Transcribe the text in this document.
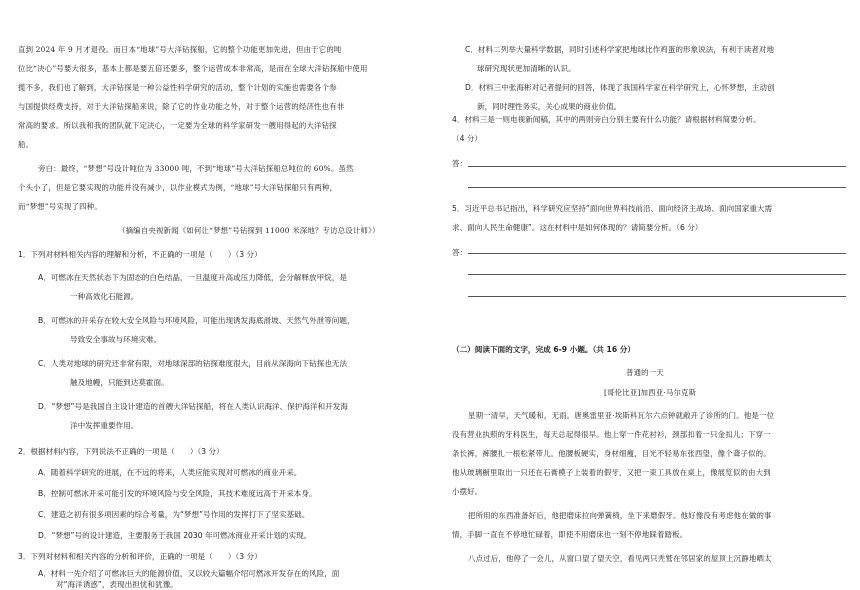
直到 2024 年 9 月才退役。而日本“地球”号大洋钻探船，它的整个功能更加先进，但由于它的吨

位比“决心”号要大很多，基本上都是要五倍还要多，整个运营成本非常高，是而在全球大洋钻探船中使用

揽不多，我们也了解到，大洋钻探是一种公益性科学研究的活动，整个计划的实施也需要各个参

与国提供经费支持，对于大洋钻探船来说，除了它的作业功能之外，对于整个运营的经济性也有非

常高的要求。所以我和我的团队就下定决心，一定要为全球的科学家研发一艘用得起的大洋钻探

船。

旁白：最终，“梦想”号设计吨位为 33000 吨，不到“地球”号大洋钻探船总吨位的 60%。虽然

个头小了，但是它要实现的功能并没有减少，以作业模式为例，“地球”号大洋钻探船只有两种，

而“梦想”号实现了四种。

（摘编自央视新闻《如何让“梦想”号钻探到 11000 米深地？专访总设计师》）

1．下列对材料相关内容的理解和分析，不正确的一项是（　　）（3 分）

A．可燃冰在天然状态下为固态的白色结晶，一旦温度升高或压力降低，会分解释放甲烷，是

一种高效化石能源。

B．可燃冰的开采存在较大安全风险与环境风险，可能出现诱发海底滑坡、天然气外泄等问题，

导致安全事故与环境灾难。

C．人类对地球的研究还非常有限，对地球深部的钻探难度很大，目前从深海向下钻探也无法

触及地幔，只能到达莫霍面。

D．“梦想”号是我国自主设计建造的首艘大洋钻探船，将在人类认识海洋、保护海洋和开发海

洋中发挥重要作用。

2．根据材料内容，下列说法不正确的一项是（　　）（3 分）

A．随着科学研究的进展，在不远的将来，人类应能实现对可燃冰的商业开采。

B．控制可燃冰开采可能引发的环境风险与安全风险，其技术难度远高于开采本身。

C．建造之初有很多项因素的综合考量，为“梦想”号作用的发挥打下了坚实基础。

D．“梦想”号的设计建造，主要服务于我国 2030 年可燃冰商业开采计划的实现。

3．下列对材料和相关内容的分析和评价，正确的一项是（　　）（3 分）

A．材料一先介绍了可燃冰巨大的能源价值，又以较大篇幅介绍可燃冰开发存在的风险，面

对“海洋诱惑”，表现出担忧和犹豫。

C．材料二列举大量科学数据，同时引述科学家把地球比作鸡蛋的形象说法，有利于读者对地

球研究现状更加清晰的认识。

D．材料三中张海彬对记者提问的回答，体现了我国科学家在科学研究上，心怀梦想，主动创

新，同时理性务实，关心成果的商业价值。

4．材料三是一则电视新闻稿，其中的两则旁白分别主要有什么功能？请根据材料简要分析。

（4 分）

答：

5．习近平总书记指出，科学研究应坚持“面向世界科技前沿、面向经济主战场、面向国家重大需

求、面向人民生命健康”。这在材料中是如何体现的？请简要分析。（6 分）

答：

（二）阅读下面的文字，完成 6-9 小题。（共 16 分）

普通的一天

[哥伦比亚]加西亚·马尔克斯

星期一清早，天气暖和，无雨。唐奥雷里亚·埃斯科瓦尔六点钟就敞开了诊所的门。他是一位

没有营业执照的牙科医生，每天总起得很早。他上穿一件花衬衫，颈部扣着一只金扣儿；下穿一

条长裤，裤腰扎一根松紧带儿。他腰板硬实，身材细瘦，目光不轻易东张西望，像个聋子似的。

他从玻璃橱里取出一只还在石膏模子上装着的假牙，又把一束工具放在桌上，像展览似的由大到

小摆好。

把所用的东西准备好后，他把磨床拉向弹簧椅，坐下来磨假牙。他好像没有考虑他在做的事

情，手脚一直在不停地忙碌着，即使不用磨床也一刻不停地踩着踏板。

八点过后，他停了一会儿，从窗口望了望天空，看见两只秃鹫在邻居家的屋顶上沉静地晒太
